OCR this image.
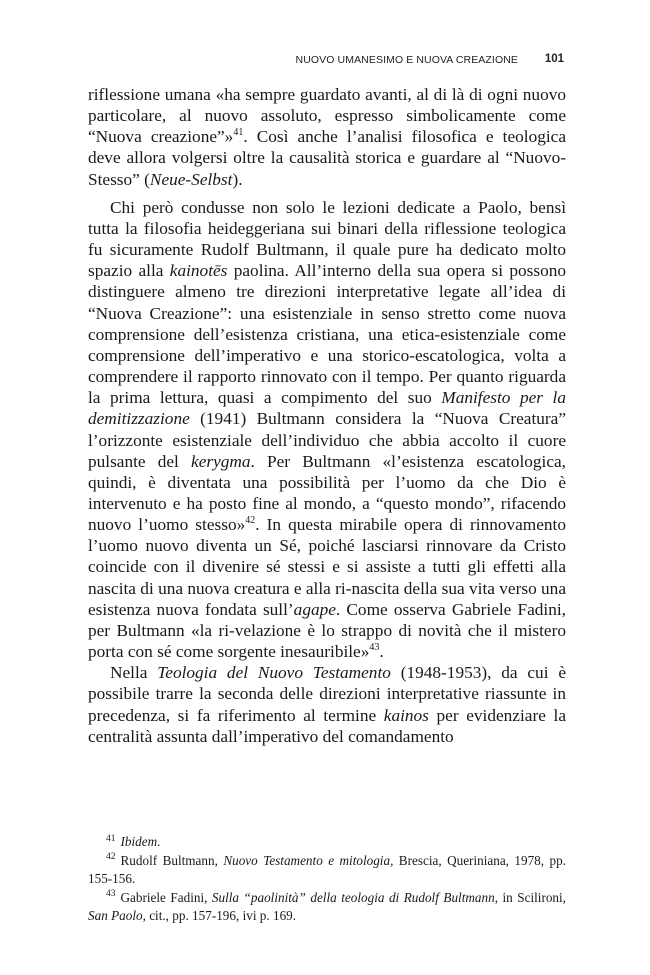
NUOVO UMANESIMO E NUOVA CREAZIONE 101

riflessione umana «ha sempre guardato avanti, al di là di ogni nuovo particolare, al nuovo assoluto, espresso simbolicamente come “Nuova creazione”»$^{41}$. Così anche l’analisi filosofica e teologica deve allora volgersi oltre la causalità storica e guardare al “Nuovo-Stesso” (Neue-Selbst).

Chi però condusse non solo le lezioni dedicate a Paolo, bensì tutta la filosofia heideggeriana sui binari della riflessione teologica fu sicuramente Rudolf Bultmann, il quale pure ha dedicato molto spazio alla kainotēs paolina. All’interno della sua opera si possono distinguere almeno tre direzioni interpretative legate all’idea di “Nuova Creazione”: una esistenziale in senso stretto come nuova comprensione dell’esistenza cristiana, una etica-esistenziale come comprensione dell’imperativo e una storico-escatologica, volta a comprendere il rapporto rinnovato con il tempo. Per quanto riguarda la prima lettura, quasi a compimento del suo Manifesto per la demitizzazione (1941) Bultmann considera la “Nuova Creatura” l’orizzonte esistenziale dell’individuo che abbia accolto il cuore pulsante del kerygma. Per Bultmann «l’esistenza escatologica, quindi, è diventata una possibilità per l’uomo da che Dio è intervenuto e ha posto fine al mondo, a “questo mondo”, rifacendo nuovo l’uomo stesso»$^{42}$. In questa mirabile opera di rinnovamento l’uomo nuovo diventa un Sé, poiché lasciarsi rinnovare da Cristo coincide con il divenire sé stessi e si assiste a tutti gli effetti alla nascita di una nuova creatura e alla ri-nascita della sua vita verso una esistenza nuova fondata sull’agape. Come osserva Gabriele Fadini, per Bultmann «la ri-velazione è lo strappo di novità che il mistero porta con sé come sorgente inesauribile»$^{43}$.

Nella Teologia del Nuovo Testamento (1948-1953), da cui è possibile trarre la seconda delle direzioni interpretative riassunte in precedenza, si fa riferimento al termine kainos per evidenziare la centralità assunta dall’imperativo del comandamento

$^{41}$ Ibidem.

$^{42}$ Rudolf Bultmann, Nuovo Testamento e mitologia, Brescia, Queriniana, 1978, pp. 155-156.

$^{43}$ Gabriele Fadini, Sulla “paolinità” della teologia di Rudolf Bultmann, in Scilironi, San Paolo, cit., pp. 157-196, ivi p. 169.
